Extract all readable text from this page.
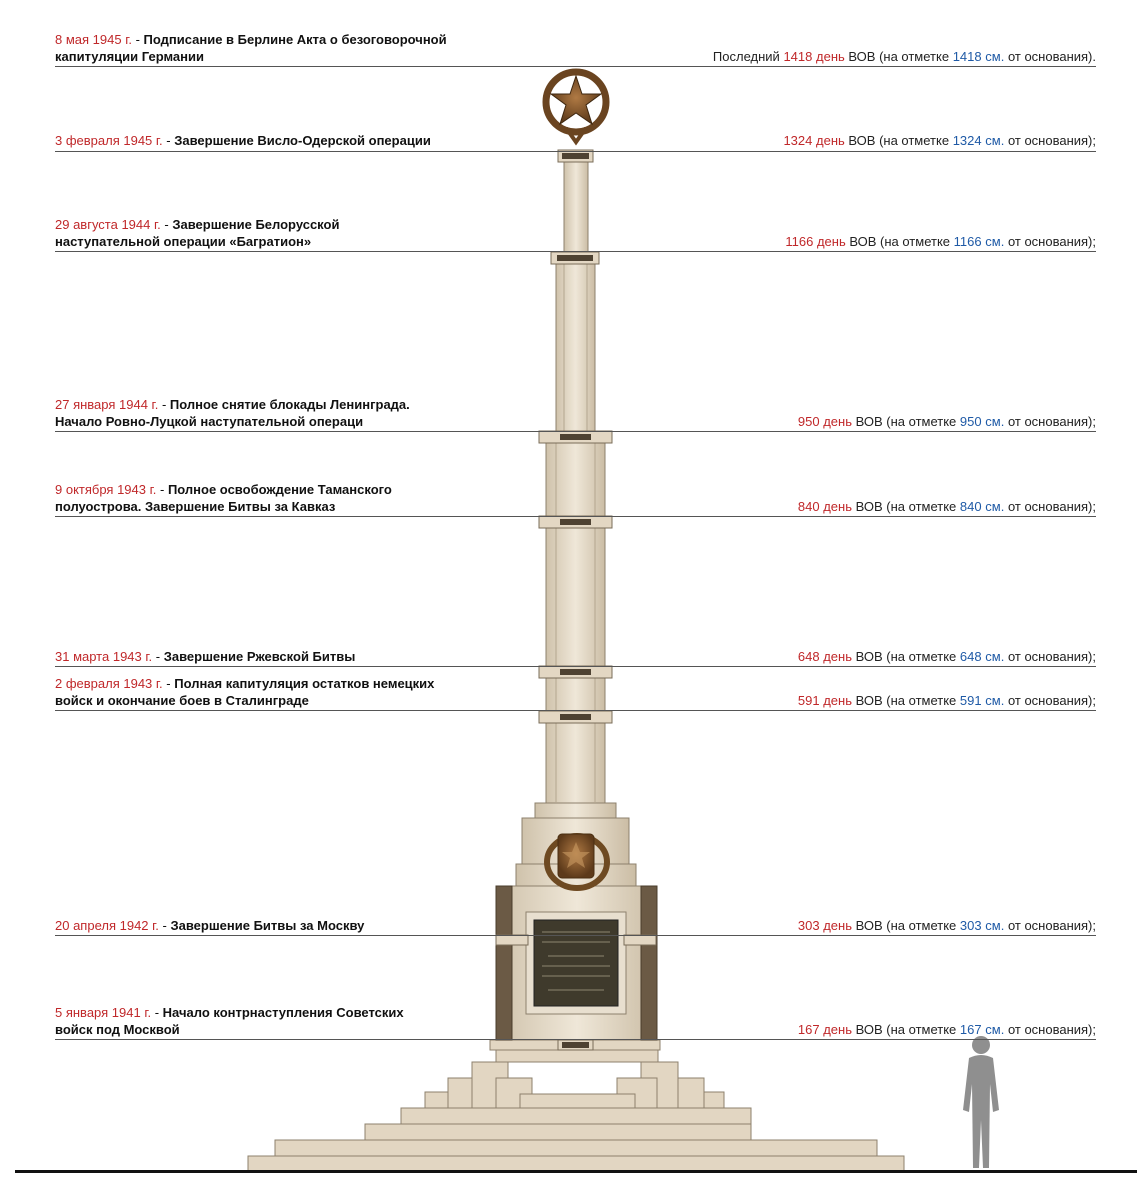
8 мая 1945 г. - Подписание в Берлине Акта о безоговорочной капитуляции Германии	Последний 1418 день ВОВ (на отметке 1418 см. от основания).
3 февраля 1945 г. - Завершение Висло-Одерской операции	1324 день ВОВ (на отметке 1324 см. от основания);
29 августа 1944 г. - Завершение Белорусской наступательной операции «Багратион»	1166 день ВОВ (на отметке 1166 см. от основания);
27 января 1944 г. - Полное снятие блокады Ленинграда. Начало Ровно-Луцкой наступательной операци	950 день ВОВ (на отметке 950 см. от основания);
9 октября 1943 г. - Полное освобождение Таманского полуострова. Завершение Битвы за Кавказ	840 день ВОВ (на отметке 840 см. от основания);
31 марта 1943 г. - Завершение Ржевской Битвы	648 день ВОВ (на отметке 648 см. от основания);
2 февраля 1943 г. - Полная капитуляция остатков немецких войск и окончание боев в Сталинграде	591 день ВОВ (на отметке 591 см. от основания);
20 апреля 1942 г. - Завершение Битвы за Москву	303 день ВОВ (на отметке 303 см. от основания);
5 января 1941 г. - Начало контрнаступления Советских войск под Москвой	167 день ВОВ (на отметке 167 см. от основания);
